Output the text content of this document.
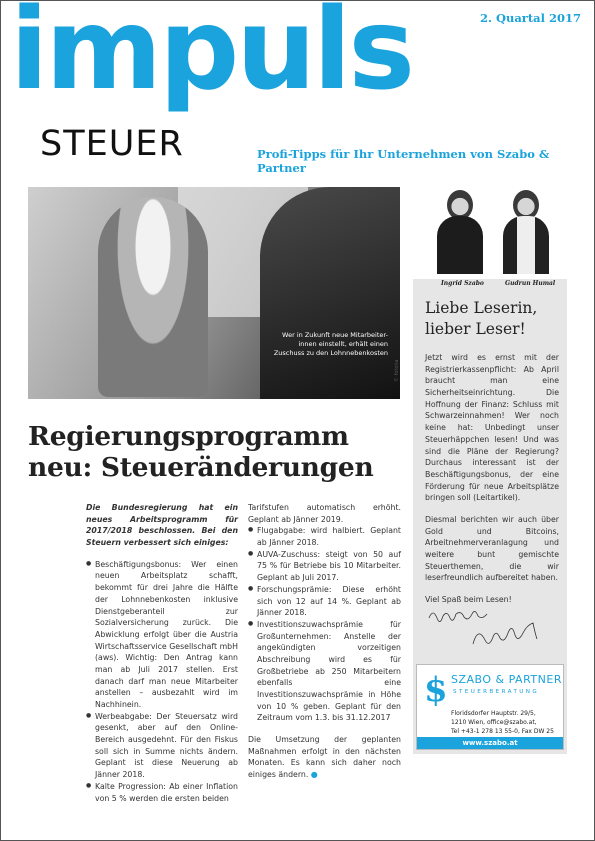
2. Quartal 2017
impuls
STEUER	Profi-Tipps für Ihr Unternehmen von Szabo & Partner
Wer in Zukunft neue Mitarbeiter-innen einstellt, erhält einen Zuschuss zu den Lohnnebenkosten
© fotolia
Regierungsprogramm
neu: Steueränderungen

Die Bundesregierung hat ein neues Arbeitsprogramm für 2017/2018 beschlossen. Bei den Steuern verbessert sich einiges:

● Beschäftigungsbonus: Wer einen neuen Arbeitsplatz schafft, bekommt für drei Jahre die Hälfte der Lohnnebenkosten inklusive Dienstgeberanteil zur Sozialversicherung zurück. Die Abwicklung erfolgt über die Austria Wirtschaftsservice Gesellschaft mbH (aws). Wichtig: Den Antrag kann man ab Juli 2017 stellen. Erst danach darf man neue Mitarbeiter anstellen – ausbezahlt wird im Nachhinein.
● Werbeabgabe: Der Steuersatz wird gesenkt, aber auf den Online-Bereich ausgedehnt. Für den Fiskus soll sich in Summe nichts ändern. Geplant ist diese Neuerung ab Jänner 2018.
● Kalte Progression: Ab einer Inflation von 5 % werden die ersten beiden

Tarifstufen automatisch erhöht. Geplant ab Jänner 2019.

● Flugabgabe: wird halbiert. Geplant ab Jänner 2018.
● AUVA-Zuschuss: steigt von 50 auf 75 % für Betriebe bis 10 Mitarbeiter. Geplant ab Juli 2017.
● Forschungsprämie: Diese erhöht sich von 12 auf 14 %. Geplant ab Jänner 2018.
● Investitionszuwachsprämie für Großunternehmen: Anstelle der angekündigten vorzeitigen Abschreibung wird es für Großbetriebe ab 250 Mitarbeitern ebenfalls eine Investitionszuwachsprämie in Höhe von 10 % geben. Geplant für den Zeitraum vom 1.3. bis 31.12.2017

Die Umsetzung der geplanten Maßnahmen erfolgt in den nächsten Monaten. Es kann sich daher noch einiges ändern. ●

Ingrid Szabo	Gudrun Humal
Liebe Leserin,
lieber Leser!

Jetzt wird es ernst mit der Registrierkassenpflicht: Ab April braucht man eine Sicherheitseinrichtung. Die Hoffnung der Finanz: Schluss mit Schwarzeinnahmen! Wer noch keine hat: Unbedingt unser Steuerhäppchen lesen! Und was sind die Pläne der Regierung? Durchaus interessant ist der Beschäftigungsbonus, der eine Förderung für neue Arbeitsplätze bringen soll (Leitartikel).

Diesmal berichten wir auch über Gold und Bitcoins, Arbeitnehmerveranlagung und weitere bunt gemischte Steuerthemen, die wir leserfreundlich aufbereitet haben.

Viel Spaß beim Lesen!

$ SZABO & PARTNER
STEUERBERATUNG
Floridsdorfer Hauptstr. 29/5,
1210 Wien, office@szabo.at,
Tel +43-1 278 13 55-0, Fax DW 25
www.szabo.at
